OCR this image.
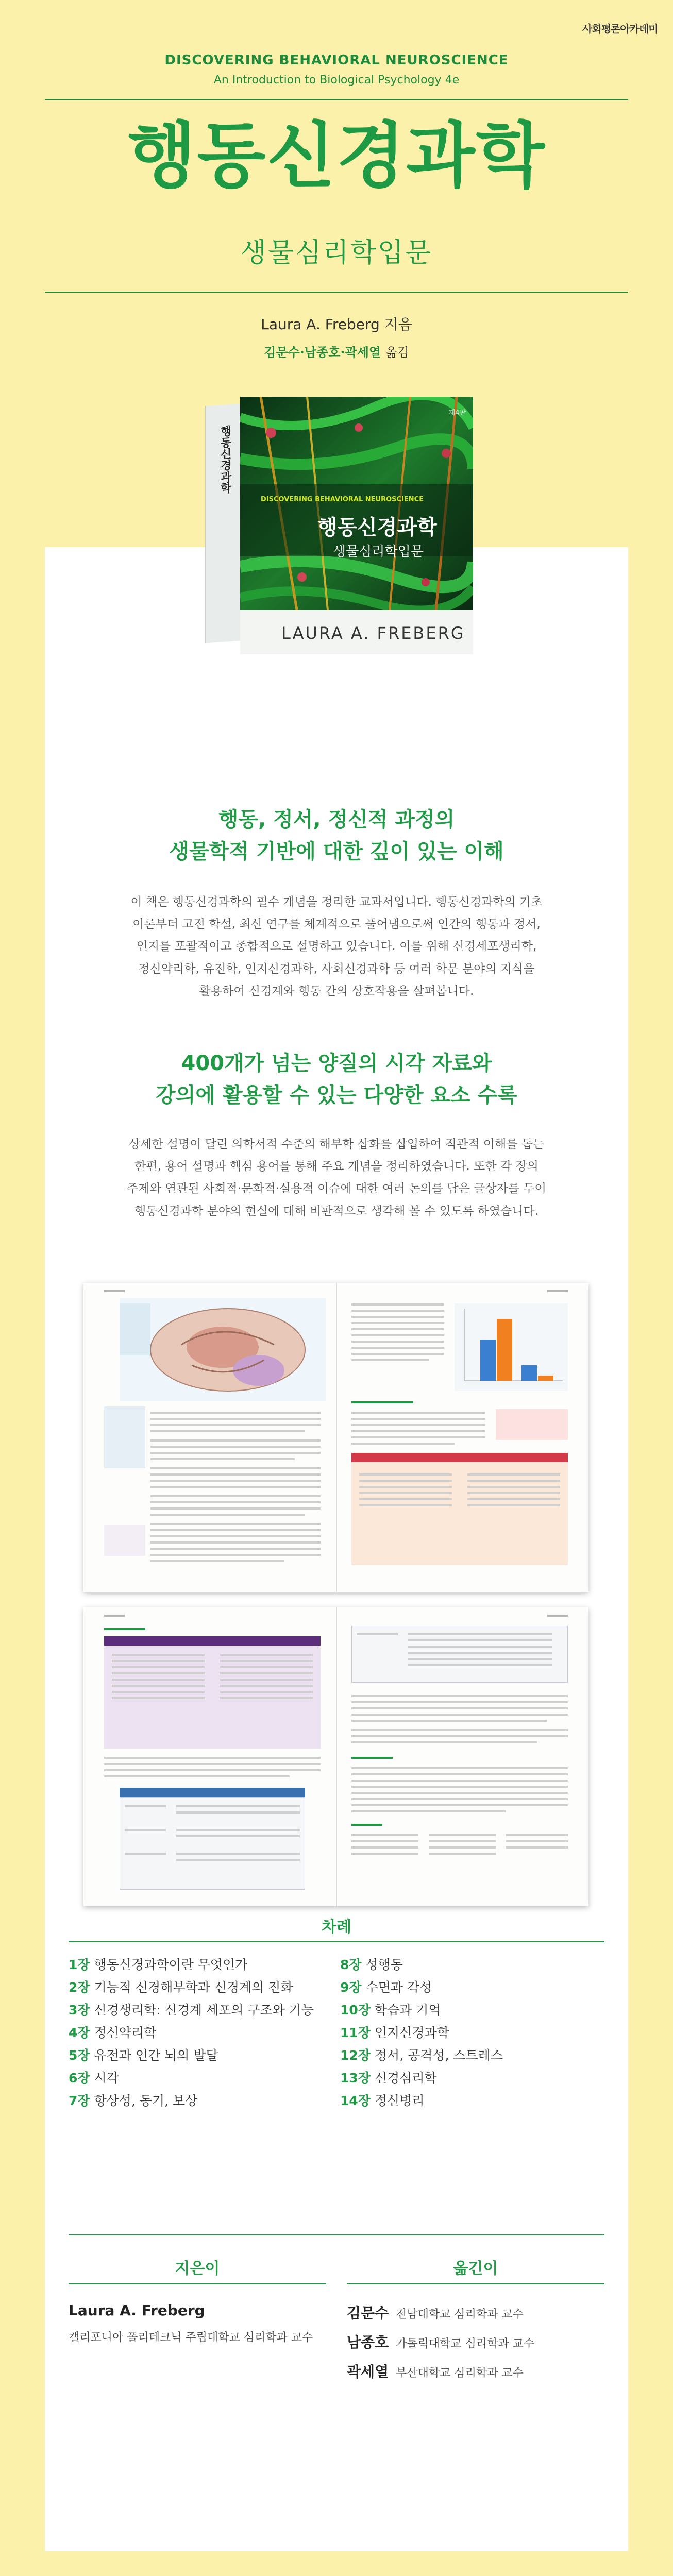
사회평론아카데미
DISCOVERING BEHAVIORAL NEUROSCIENCE
An Introduction to Biological Psychology 4e
행동신경과학
생물심리학입문
Laura A. Freberg 지음
김문수·남종호·곽세열 옮김
행동신경과학
제4판
DISCOVERING BEHAVIORAL NEUROSCIENCE
행동신경과학
생물심리학입문
LAURA A. FREBERG
행동, 정서, 정신적 과정의
생물학적 기반에 대한 깊이 있는 이해
이 책은 행동신경과학의 필수 개념을 정리한 교과서입니다. 행동신경과학의 기초
이론부터 고전 학설, 최신 연구를 체계적으로 풀어냄으로써 인간의 행동과 정서,
인지를 포괄적이고 종합적으로 설명하고 있습니다. 이를 위해 신경세포생리학,
정신약리학, 유전학, 인지신경과학, 사회신경과학 등 여러 학문 분야의 지식을
활용하여 신경계와 행동 간의 상호작용을 살펴봅니다.
400개가 넘는 양질의 시각 자료와
강의에 활용할 수 있는 다양한 요소 수록
상세한 설명이 달린 의학서적 수준의 해부학 삽화를 삽입하여 직관적 이해를 돕는
한편, 용어 설명과 핵심 용어를 통해 주요 개념을 정리하였습니다. 또한 각 장의
주제와 연관된 사회적·문화적·실용적 이슈에 대한 여러 논의를 담은 글상자를 두어
행동신경과학 분야의 현실에 대해 비판적으로 생각해 볼 수 있도록 하였습니다.
차례
1장 행동신경과학이란 무엇인가
2장 기능적 신경해부학과 신경계의 진화
3장 신경생리학: 신경계 세포의 구조와 기능
4장 정신약리학
5장 유전과 인간 뇌의 발달
6장 시각
7장 항상성, 동기, 보상
8장 성행동
9장 수면과 각성
10장 학습과 기억
11장 인지신경과학
12장 정서, 공격성, 스트레스
13장 신경심리학
14장 정신병리
지은이
Laura A. Freberg
캘리포니아 폴리테크닉 주립대학교 심리학과 교수
옮긴이
김문수 전남대학교 심리학과 교수
남종호 가톨릭대학교 심리학과 교수
곽세열 부산대학교 심리학과 교수
